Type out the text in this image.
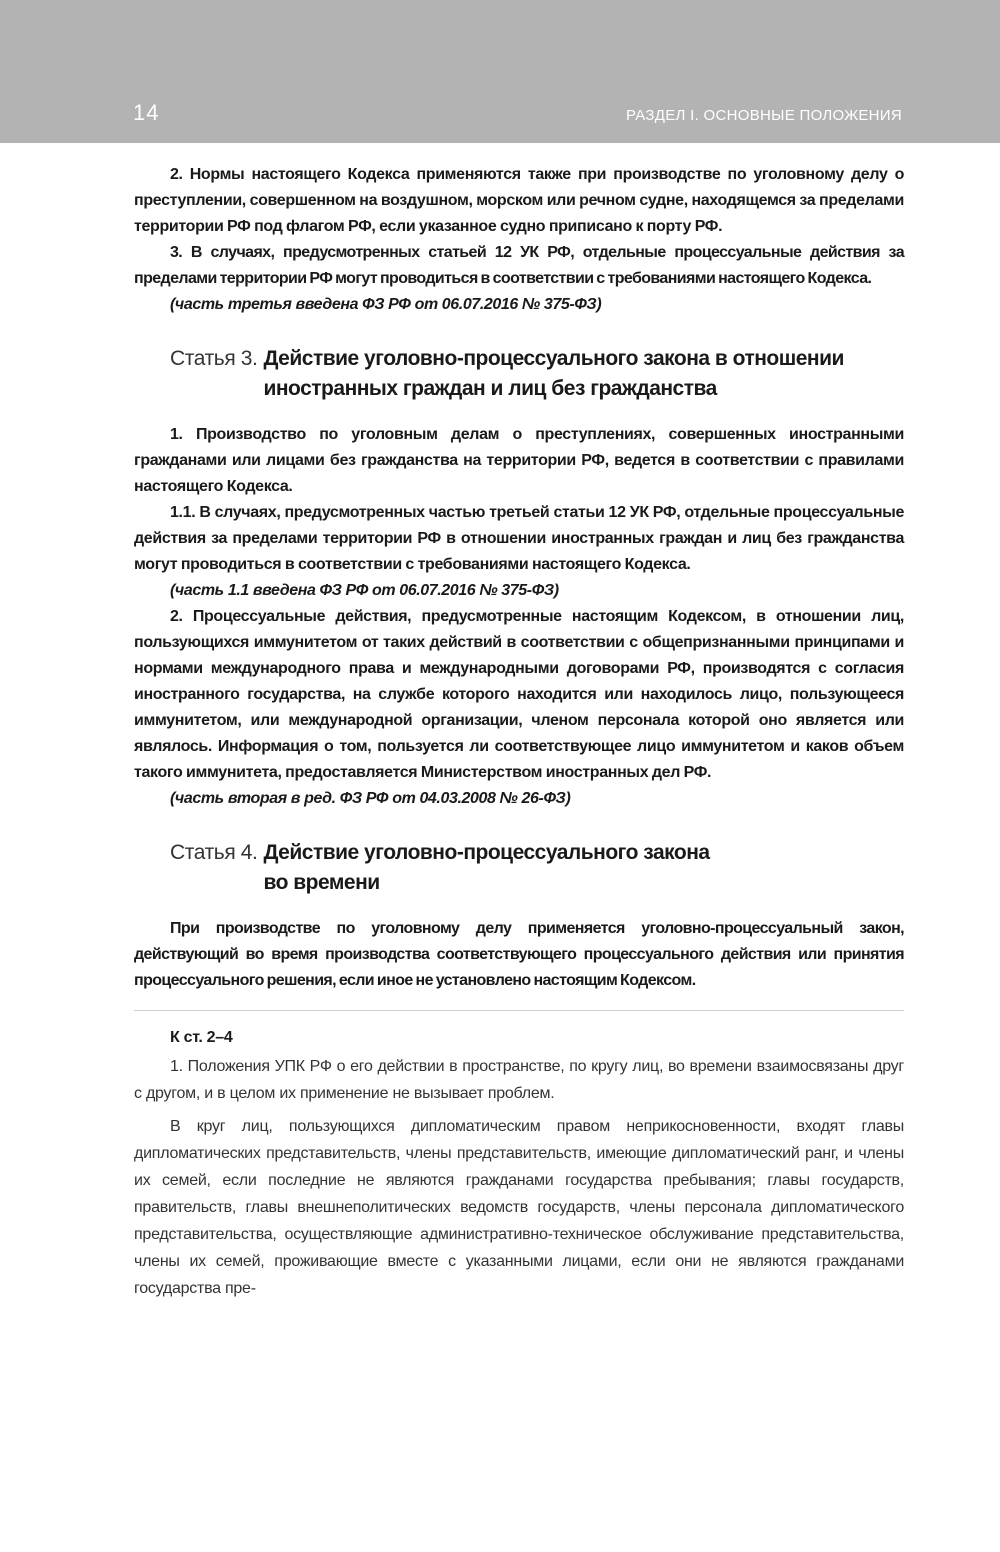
14	РАЗДЕЛ I. ОСНОВНЫЕ ПОЛОЖЕНИЯ

2. Нормы настоящего Кодекса применяются также при производстве по уголовному делу о преступлении, совершенном на воздушном, морском или речном судне, находящемся за пределами территории РФ под флагом РФ, если указанное судно приписано к порту РФ.

3. В случаях, предусмотренных статьей 12 УК РФ, отдельные процессуальные действия за пределами территории РФ могут проводиться в соответствии с требованиями настоящего Кодекса.

(часть третья введена ФЗ РФ от 06.07.2016 № 375-ФЗ)

Статья 3. Действие уголовно-процессуального закона в отношении иностранных граждан и лиц без гражданства

1. Производство по уголовным делам о преступлениях, совершенных иностранными гражданами или лицами без гражданства на территории РФ, ведется в соответствии с правилами настоящего Кодекса.

1.1. В случаях, предусмотренных частью третьей статьи 12 УК РФ, отдельные процессуальные действия за пределами территории РФ в отношении иностранных граждан и лиц без гражданства могут проводиться в соответствии с требованиями настоящего Кодекса.

(часть 1.1 введена ФЗ РФ от 06.07.2016 № 375-ФЗ)

2. Процессуальные действия, предусмотренные настоящим Кодексом, в отношении лиц, пользующихся иммунитетом от таких действий в соответствии с общепризнанными принципами и нормами международного права и международными договорами РФ, производятся с согласия иностранного государства, на службе которого находится или находилось лицо, пользующееся иммунитетом, или международной организации, членом персонала которой оно является или являлось. Информация о том, пользуется ли соответствующее лицо иммунитетом и каков объем такого иммунитета, предоставляется Министерством иностранных дел РФ.

(часть вторая в ред. ФЗ РФ от 04.03.2008 № 26-ФЗ)

Статья 4. Действие уголовно-процессуального закона во времени

При производстве по уголовному делу применяется уголовно-процессуальный закон, действующий во время производства соответствующего процессуального действия или принятия процессуального решения, если иное не установлено настоящим Кодексом.

К ст. 2–4

1. Положения УПК РФ о его действии в пространстве, по кругу лиц, во времени взаимосвязаны друг с другом, и в целом их применение не вызывает проблем.

В круг лиц, пользующихся дипломатическим правом неприкосновенности, входят главы дипломатических представительств, члены представительств, имеющие дипломатический ранг, и члены их семей, если последние не являются гражданами государства пребывания; главы государств, правительств, главы внешнеполитических ведомств государств, члены персонала дипломатического представительства, осуществляющие административно-техническое обслуживание представительства, члены их семей, проживающие вместе с указанными лицами, если они не являются гражданами государства пре-
